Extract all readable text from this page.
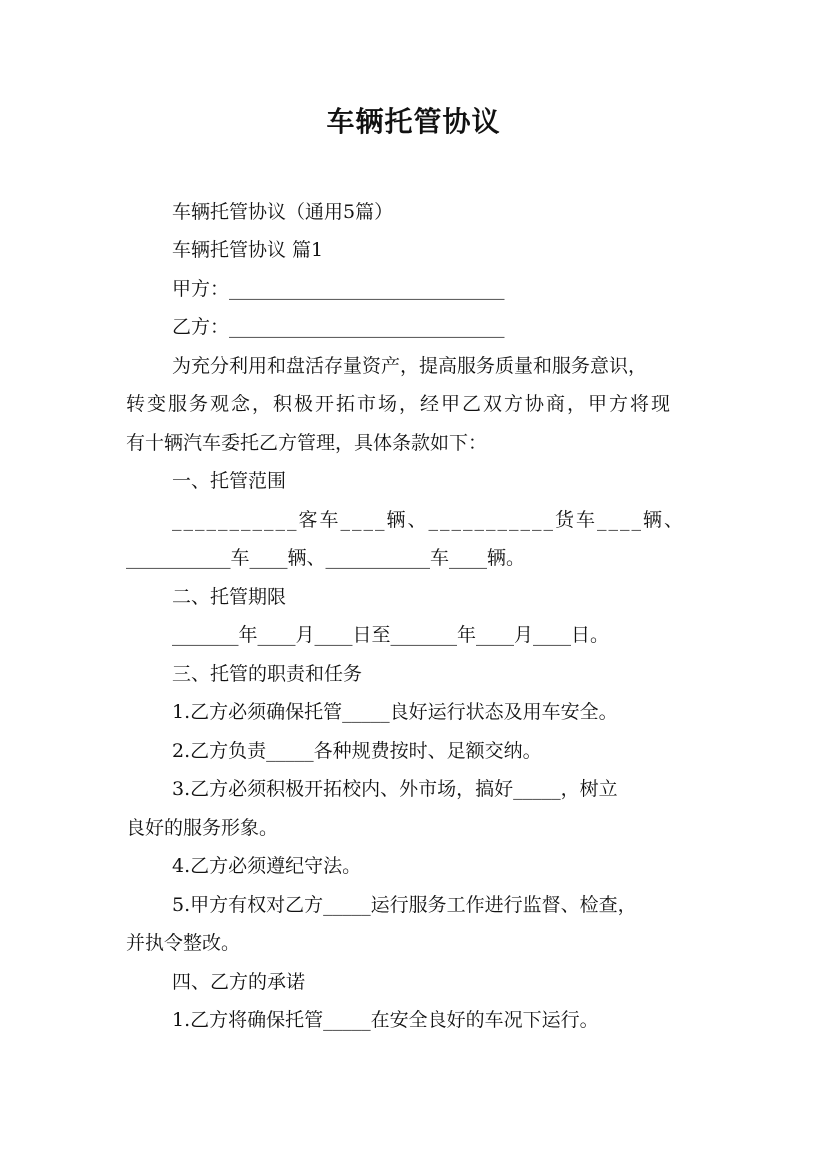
车辆托管协议
车辆托管协议（通用5篇）
车辆托管协议 篇1
甲方：_____________________________
乙方：_____________________________
为充分利用和盘活存量资产，提高服务质量和服务意识，
转变服务观念，积极开拓市场，经甲乙双方协商，甲方将现
有十辆汽车委托乙方管理，具体条款如下：
一、托管范围
___________客车____辆、___________货车____辆、
___________车____辆、___________车____辆。
二、托管期限
_______年____月____日至_______年____月____日。
三、托管的职责和任务
1.乙方必须确保托管_____良好运行状态及用车安全。
2.乙方负责_____各种规费按时、足额交纳。
3.乙方必须积极开拓校内、外市场，搞好_____，树立
良好的服务形象。
4.乙方必须遵纪守法。
5.甲方有权对乙方_____运行服务工作进行监督、检查，
并执令整改。
四、乙方的承诺
1.乙方将确保托管_____在安全良好的车况下运行。
